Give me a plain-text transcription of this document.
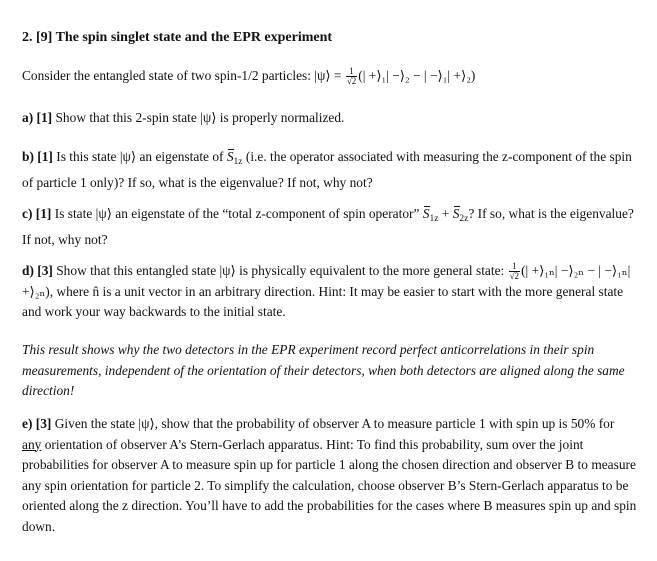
2. [9] The spin singlet state and the EPR experiment

Consider the entangled state of two spin-1/2 particles: |ψ⟩ = $\frac{1}{√2}$ (| +⟩₁| −⟩₂ − | −⟩₁| +⟩₂)

a) [1] Show that this 2-spin state |ψ⟩ is properly normalized.

b) [1] Is this state |ψ⟩ an eigenstate of $S_{1z}$ (i.e. the operator associated with measuring the z-component of the spin of particle 1 only)? If so, what is the eigenvalue? If not, why not?

c) [1] Is state |ψ⟩ an eigenstate of the “total z-component of spin operator” $S_{1z} + S_{2z}$? If so, what is the eigenvalue? If not, why not?

d) [3] Show that this entangled state |ψ⟩ is physically equivalent to the more general state: $\frac{1}{√2}$ (| +⟩₁ₙ| −⟩₂ₙ − | −⟩₁ₙ| +⟩₂ₙ), where n̂ is a unit vector in an arbitrary direction. Hint: It may be easier to start with the more general state and work your way backwards to the initial state.

This result shows why the two detectors in the EPR experiment record perfect anticorrelations in their spin measurements, independent of the orientation of their detectors, when both detectors are aligned along the same direction!

e) [3] Given the state |ψ⟩, show that the probability of observer A to measure particle 1 with spin up is 50% for any orientation of observer A’s Stern-Gerlach apparatus. Hint: To find this probability, sum over the joint probabilities for observer A to measure spin up for particle 1 along the chosen direction and observer B to measure any spin orientation for particle 2. To simplify the calculation, choose observer B’s Stern-Gerlach apparatus to be oriented along the z direction. You’ll have to add the probabilities for the cases where B measures spin up and spin down.
